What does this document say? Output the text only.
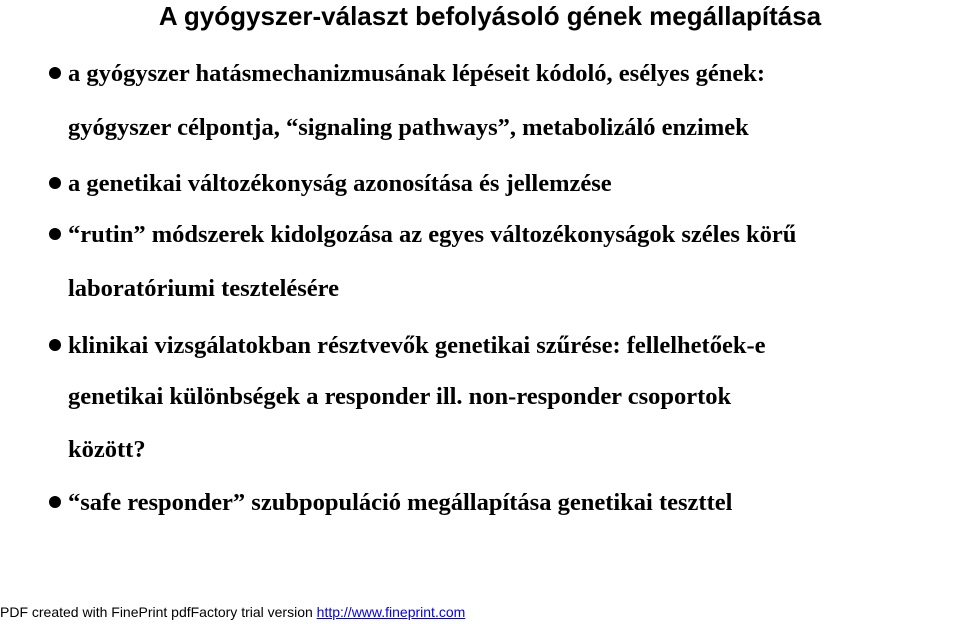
A gyógyszer-választ befolyásoló gének megállapítása

a gyógyszer hatásmechanizmusának lépéseit kódoló, esélyes gének:

gyógyszer célpontja, “signaling pathways”, metabolizáló enzimek

a genetikai változékonyság azonosítása és jellemzése

“rutin” módszerek kidolgozása az egyes változékonyságok széles körű

laboratóriumi tesztelésére

klinikai vizsgálatokban résztvevők genetikai szűrése: fellelhetőek-e

genetikai különbségek a responder ill. non-responder csoportok

között?

“safe responder” szubpopuláció megállapítása genetikai teszttel

PDF created with FinePrint pdfFactory trial version http://www.fineprint.com
